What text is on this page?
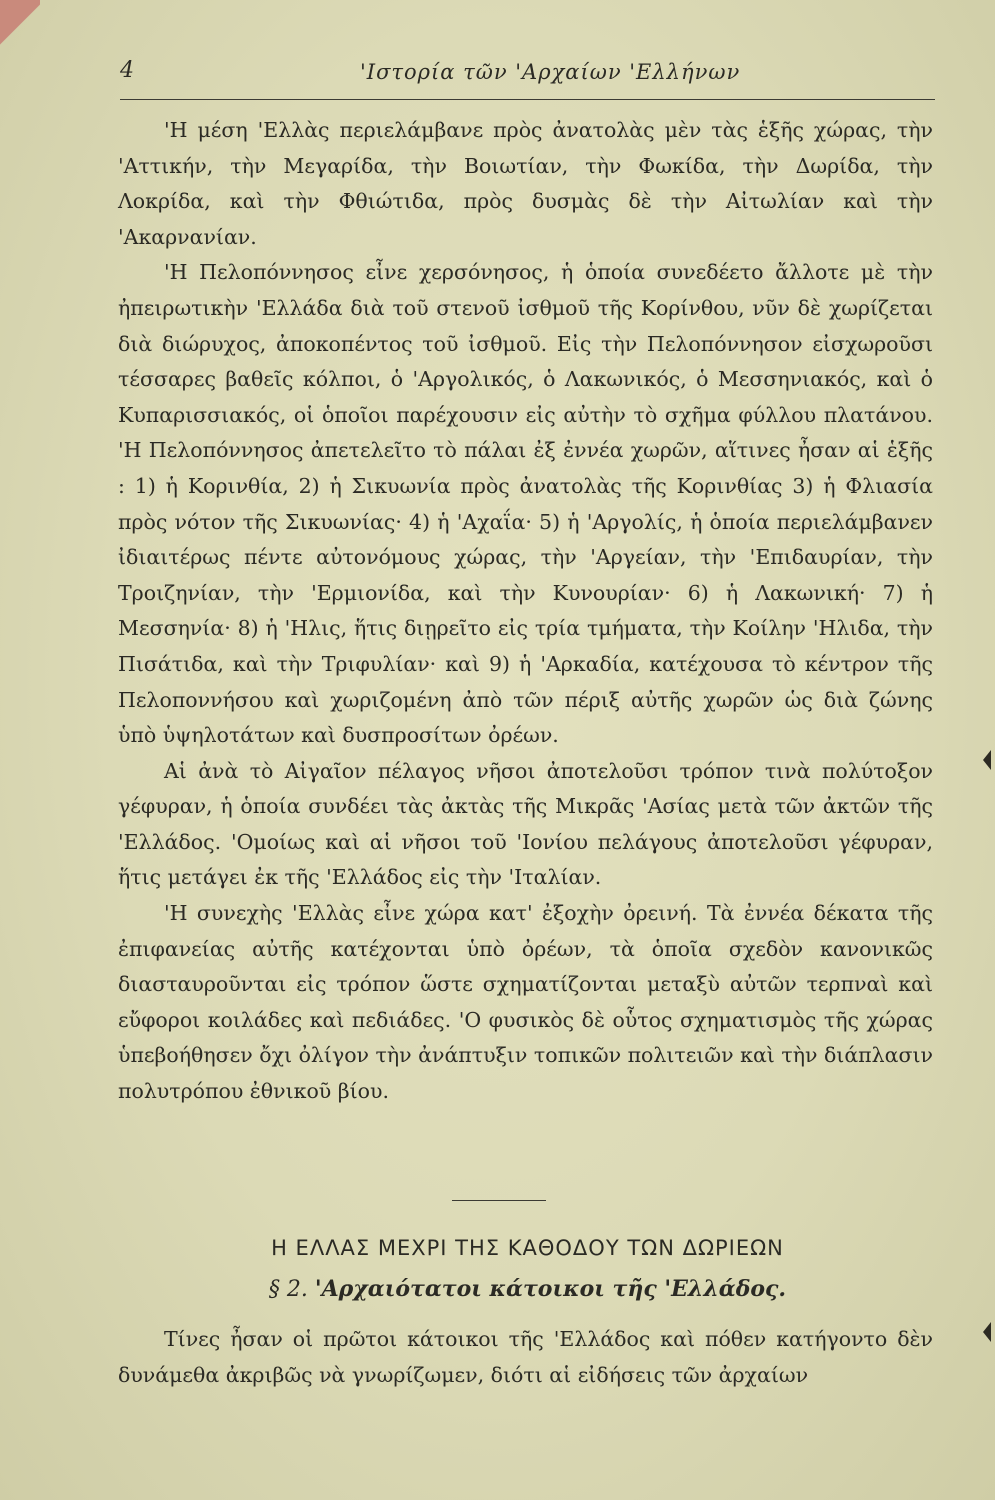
4	'Ιστορία τῶν 'Αρχαίων 'Ελλήνων

'Η μέση 'Ελλὰς περιελάμβανε πρὸς ἀνατολὰς μὲν τὰς ἑξῆς χώρας, τὴν 'Αττικήν, τὴν Μεγαρίδα, τὴν Βοιωτίαν, τὴν Φωκίδα, τὴν Δωρίδα, τὴν Λοκρίδα, καὶ τὴν Φθιώτιδα, πρὸς δυσμὰς δὲ τὴν Αἰτωλίαν καὶ τὴν 'Ακαρνανίαν.

'Η Πελοπόννησος εἶνε χερσόνησος, ἡ ὁποία συνεδέετο ἄλλοτε μὲ τὴν ἠπειρωτικὴν 'Ελλάδα διὰ τοῦ στενοῦ ἰσθμοῦ τῆς Κορίνθου, νῦν δὲ χωρίζεται διὰ διώρυχος, ἀποκοπέντος τοῦ ἰσθμοῦ. Εἰς τὴν Πελοπόννησον εἰσχωροῦσι τέσσαρες βαθεῖς κόλποι, ὁ 'Αργολικός, ὁ Λακωνικός, ὁ Μεσσηνιακός, καὶ ὁ Κυπαρισσιακός, οἱ ὁποῖοι παρέχουσιν εἰς αὐτὴν τὸ σχῆμα φύλλου πλατάνου. 'Η Πελοπόννησος ἀπετελεῖτο τὸ πάλαι ἐξ ἐννέα χωρῶν, αἵτινες ἦσαν αἱ ἑξῆς : 1) ἡ Κορινθία, 2) ἡ Σικυωνία πρὸς ἀνατολὰς τῆς Κορινθίας 3) ἡ Φλιασία πρὸς νότον τῆς Σικυωνίας· 4) ἡ 'Αχαΐα· 5) ἡ 'Αργολίς, ἡ ὁποία περιελάμβανεν ἰδιαιτέρως πέντε αὐτονόμους χώρας, τὴν 'Αργείαν, τὴν 'Επιδαυρίαν, τὴν Τροιζηνίαν, τὴν 'Ερμιονίδα, καὶ τὴν Κυνουρίαν· 6) ἡ Λακωνική· 7) ἡ Μεσσηνία· 8) ἡ 'Ηλις, ἥτις διῃρεῖτο εἰς τρία τμήματα, τὴν Κοίλην 'Ηλιδα, τὴν Πισάτιδα, καὶ τὴν Τριφυλίαν· καὶ 9) ἡ 'Αρκαδία, κατέχουσα τὸ κέντρον τῆς Πελοποννήσου καὶ χωριζομένη ἀπὸ τῶν πέριξ αὐτῆς χωρῶν ὡς διὰ ζώνης ὑπὸ ὑψηλοτάτων καὶ δυσπροσίτων ὀρέων.

Αἱ ἀνὰ τὸ Αἰγαῖον πέλαγος νῆσοι ἀποτελοῦσι τρόπον τινὰ πολύτοξον γέφυραν, ἡ ὁποία συνδέει τὰς ἀκτὰς τῆς Μικρᾶς 'Ασίας μετὰ τῶν ἀκτῶν τῆς 'Ελλάδος. 'Ομοίως καὶ αἱ νῆσοι τοῦ 'Ιονίου πελάγους ἀποτελοῦσι γέφυραν, ἥτις μετάγει ἐκ τῆς 'Ελλάδος εἰς τὴν 'Ιταλίαν.

'Η συνεχὴς 'Ελλὰς εἶνε χώρα κατ' ἐξοχὴν ὀρεινή. Τὰ ἐννέα δέκατα τῆς ἐπιφανείας αὐτῆς κατέχονται ὑπὸ ὀρέων, τὰ ὁποῖα σχεδὸν κανονικῶς διασταυροῦνται εἰς τρόπον ὥστε σχηματίζονται μεταξὺ αὐτῶν τερπναὶ καὶ εὔφοροι κοιλάδες καὶ πεδιάδες. 'Ο φυσικὸς δὲ οὗτος σχηματισμὸς τῆς χώρας ὑπεβοήθησεν ὄχι ὀλίγον τὴν ἀνάπτυξιν τοπικῶν πολιτειῶν καὶ τὴν διάπλασιν πολυτρόπου ἐθνικοῦ βίου.

Η ΕΛΛΑΣ ΜΕΧΡΙ ΤΗΣ ΚΑΘΟΔΟΥ ΤΩΝ ΔΩΡΙΕΩΝ
§ 2. 'Αρχαιότατοι κάτοικοι τῆς 'Ελλάδος.

Τίνες ἦσαν οἱ πρῶτοι κάτοικοι τῆς 'Ελλάδος καὶ πόθεν κατήγοντο δὲν δυνάμεθα ἀκριβῶς νὰ γνωρίζωμεν, διότι αἱ εἰδήσεις τῶν ἀρχαίων
